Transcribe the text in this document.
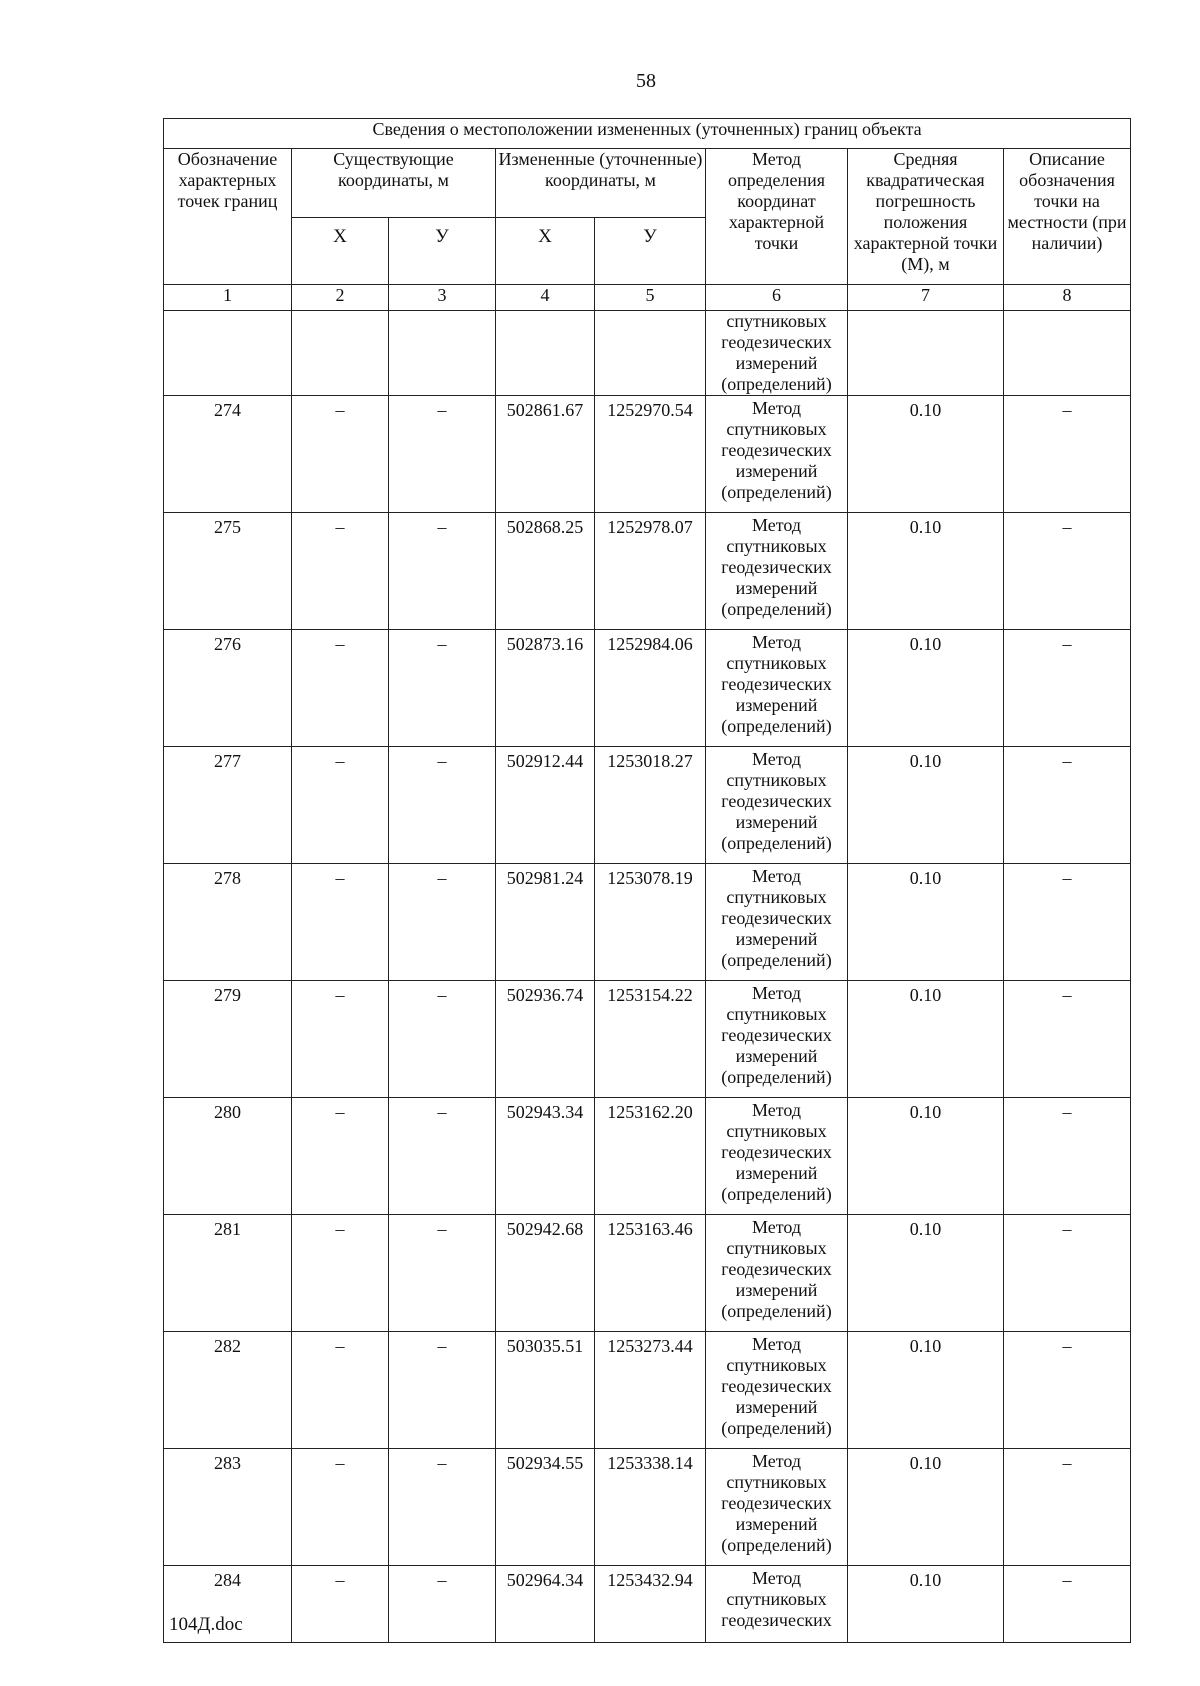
58
Сведения о местоположении измененных (уточненных) границ объекта							
Обозначение характерных точек границ	Существующие координаты, м		Измененные (уточненные) координаты, м		Метод определения координат характерной точки	Средняя квадратическая погрешность положения характерной точки (М), м	Описание обозначения точки на местности (при наличии)
	Х	У	Х	У			
1	2	3	4	5	6	7	8

					спутниковых
геодезических
измерений
(определений)		

274	–	–	502861.67	1252970.54	Метод
спутниковых
геодезических
измерений
(определений)	0.10	–
275	–	–	502868.25	1252978.07	Метод
спутниковых
геодезических
измерений
(определений)	0.10	–
276	–	–	502873.16	1252984.06	Метод
спутниковых
геодезических
измерений
(определений)	0.10	–
277	–	–	502912.44	1253018.27	Метод
спутниковых
геодезических
измерений
(определений)	0.10	–
278	–	–	502981.24	1253078.19	Метод
спутниковых
геодезических
измерений
(определений)	0.10	–
279	–	–	502936.74	1253154.22	Метод
спутниковых
геодезических
измерений
(определений)	0.10	–
280	–	–	502943.34	1253162.20	Метод
спутниковых
геодезических
измерений
(определений)	0.10	–
281	–	–	502942.68	1253163.46	Метод
спутниковых
геодезических
измерений
(определений)	0.10	–
282	–	–	503035.51	1253273.44	Метод
спутниковых
геодезических
измерений
(определений)	0.10	–
283	–	–	502934.55	1253338.14	Метод
спутниковых
геодезических
измерений
(определений)	0.10	–
284	–	–	502964.34	1253432.94	Метод
спутниковых
геодезических	0.10	–
104Д.doc
